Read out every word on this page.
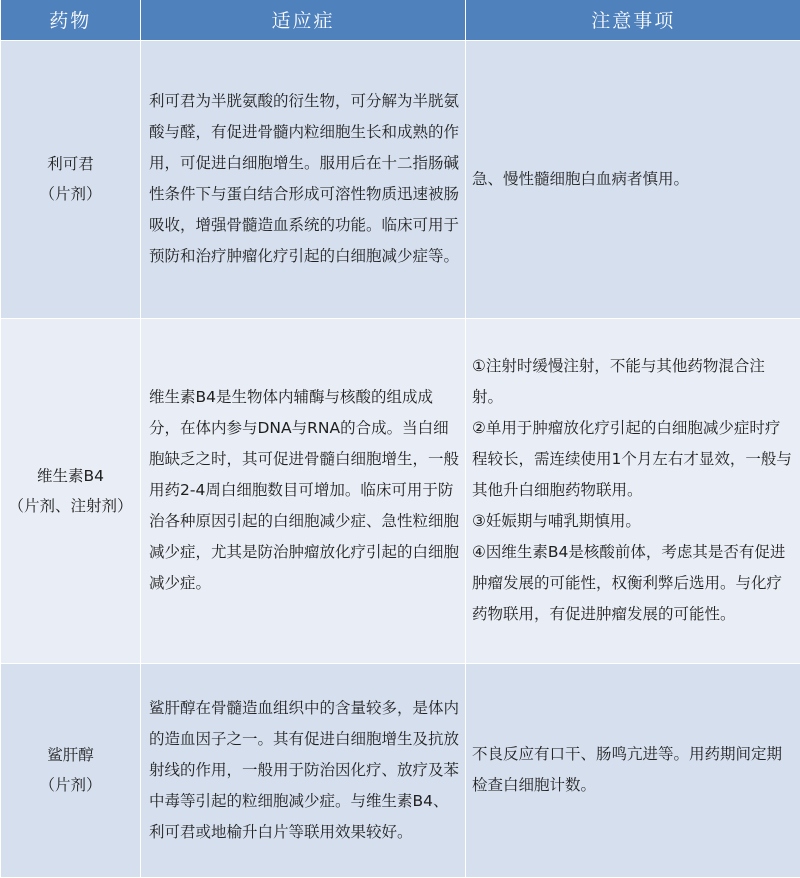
药物	适应症	注意事项

利可君
（片剂）	利可君为半胱氨酸的衍生物，可分解为半胱氨酸与醛，有促进骨髓内粒细胞生长和成熟的作用，可促进白细胞增生。服用后在十二指肠碱性条件下与蛋白结合形成可溶性物质迅速被肠吸收，增强骨髓造血系统的功能。临床可用于预防和治疗肿瘤化疗引起的白细胞减少症等。	急、慢性髓细胞白血病者慎用。

维生素B4
（片剂、注射剂）	维生素B4是生物体内辅酶与核酸的组成成分，在体内参与DNA与RNA的合成。当白细胞缺乏之时，其可促进骨髓白细胞增生，一般用药2-4周白细胞数目可增加。临床可用于防治各种原因引起的白细胞减少症、急性粒细胞减少症，尤其是防治肿瘤放化疗引起的白细胞减少症。	①注射时缓慢注射，不能与其他药物混合注射。
②单用于肿瘤放化疗引起的白细胞减少症时疗程较长，需连续使用1个月左右才显效，一般与其他升白细胞药物联用。
③妊娠期与哺乳期慎用。
④因维生素B4是核酸前体，考虑其是否有促进肿瘤发展的可能性，权衡利弊后选用。与化疗药物联用，有促进肿瘤发展的可能性。

鲨肝醇
（片剂）	鲨肝醇在骨髓造血组织中的含量较多，是体内的造血因子之一。其有促进白细胞增生及抗放射线的作用，一般用于防治因化疗、放疗及苯中毒等引起的粒细胞减少症。与维生素B4、利可君或地榆升白片等联用效果较好。	不良反应有口干、肠鸣亢进等。用药期间定期检查白细胞计数。
